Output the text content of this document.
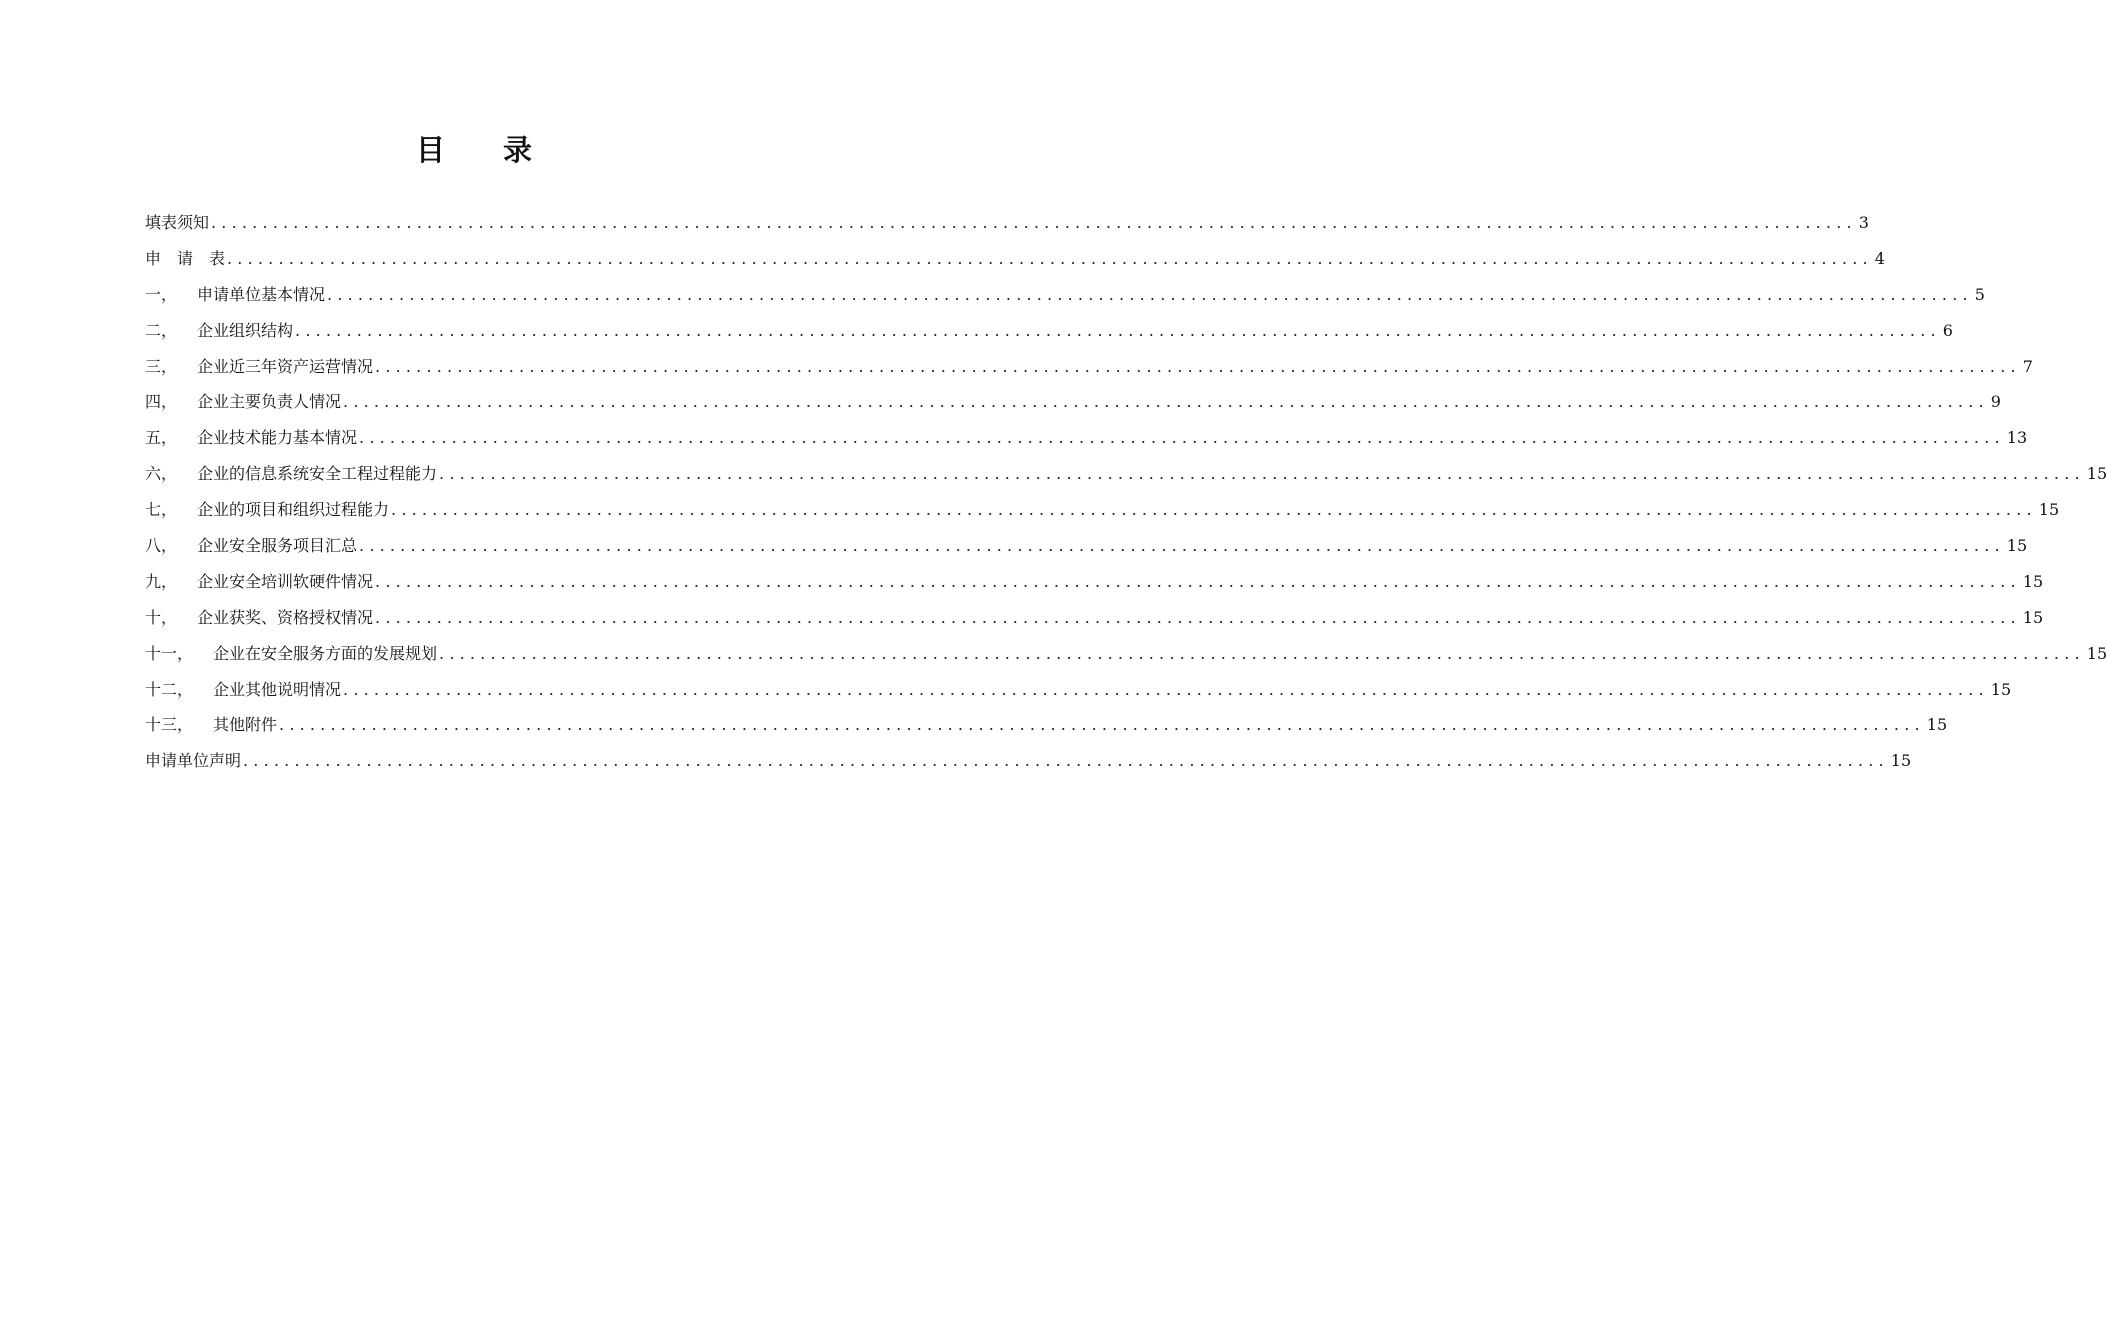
目 录
填表须知 ................................................................................................................................................................ 3
申　请　表 ................................................................................................................................................................ 4
一， 申请单位基本情况 ................................................................................................................................................................ 5
二， 企业组织结构 ................................................................................................................................................................ 6
三， 企业近三年资产运营情况 ................................................................................................................................................................ 7
四， 企业主要负责人情况 ................................................................................................................................................................ 9
五， 企业技术能力基本情况 ................................................................................................................................................................ 13
六， 企业的信息系统安全工程过程能力 ................................................................................................................................................................ 15
七， 企业的项目和组织过程能力 ................................................................................................................................................................ 15
八， 企业安全服务项目汇总 ................................................................................................................................................................ 15
九， 企业安全培训软硬件情况 ................................................................................................................................................................ 15
十， 企业获奖、资格授权情况 ................................................................................................................................................................ 15
十一， 企业在安全服务方面的发展规划 ................................................................................................................................................................ 15
十二， 企业其他说明情况 ................................................................................................................................................................ 15
十三， 其他附件 ................................................................................................................................................................ 15
申请单位声明 ................................................................................................................................................................ 15
